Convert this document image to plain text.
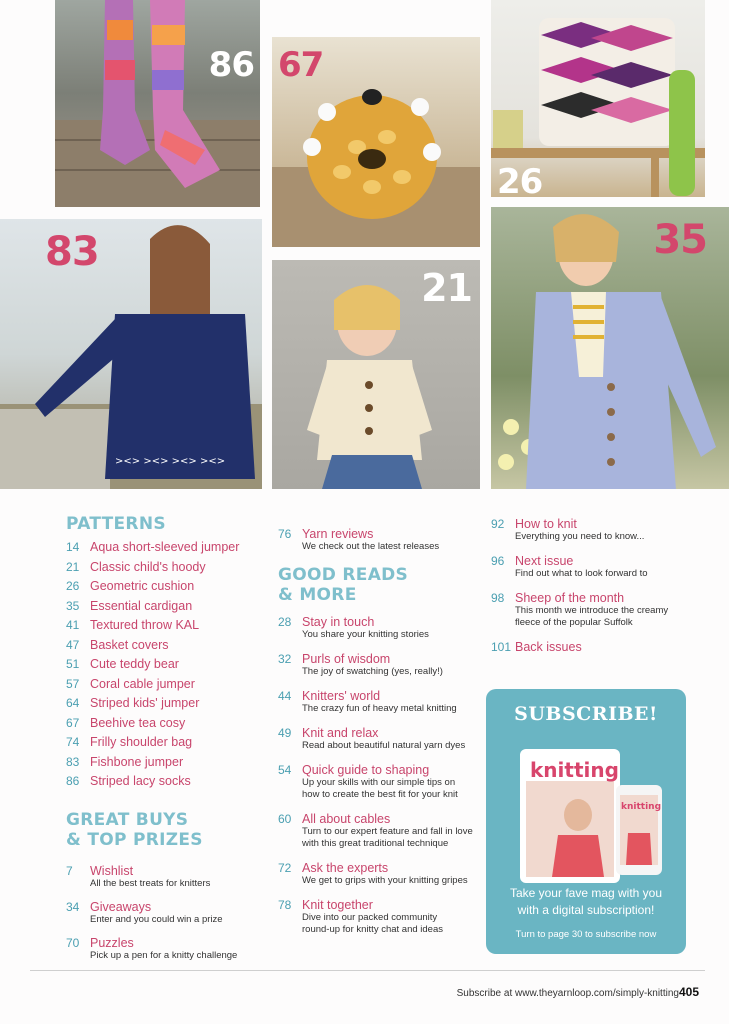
86 67
26
><> ><> ><> ><>
83
21
35
PATTERNS
14 Aqua short-sleeved jumper
21 Classic child's hoody
26 Geometric cushion
35 Essential cardigan
41 Textured throw KAL
47 Basket covers
51 Cute teddy bear
57 Coral cable jumper
64 Striped kids' jumper
67 Beehive tea cosy
74 Frilly shoulder bag
83 Fishbone jumper
86 Striped lacy socks
GREAT BUYS
& TOP PRIZES
7	Wishlist
All the best treats for knitters
34 Giveaways
Enter and you could win a prize
70 Puzzles
Pick up a pen for a knitty challenge
76 Yarn reviews
We check out the latest releases
GOOD READS
& MORE
28 Stay in touch
You share your knitting stories
32 Purls of wisdom
The joy of swatching (yes, really!)
44 Knitters' world
The crazy fun of heavy metal knitting
49 Knit and relax
Read about beautiful natural yarn dyes
54 Quick guide to shaping
Up your skills with our simple tips on
how to create the best fit for your knit
60 All about cables
Turn to our expert feature and fall in love
with this great traditional technique
72 Ask the experts
We get to grips with your knitting gripes
78 Knit together
Dive into our packed community
round-up for knitty chat and ideas
92 How to knit
Everything you need to know...
96 Next issue
Find out what to look forward to
98 Sheep of the month
This month we introduce the creamy
fleece of the popular Suffolk
101 Back issues
SUBSCRIBE!
knitting
knitting
Take your fave mag with you
with a digital subscription!
Turn to page 30 to subscribe now
Subscribe at www.theyarnloop.com/simply-knitting405
